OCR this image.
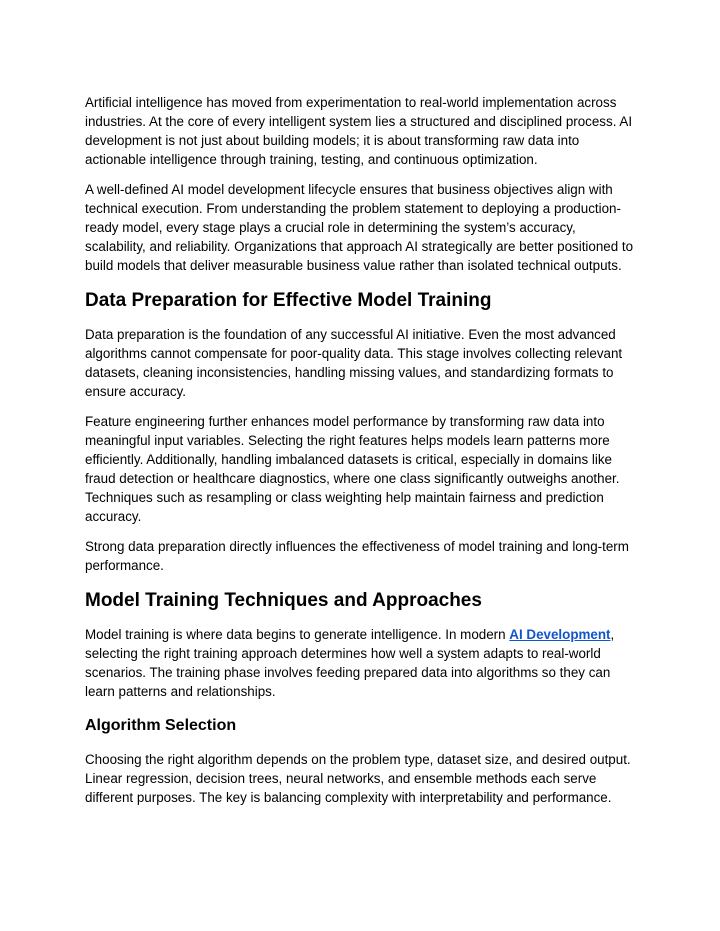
Artificial intelligence has moved from experimentation to real-world implementation across industries. At the core of every intelligent system lies a structured and disciplined process. AI development is not just about building models; it is about transforming raw data into actionable intelligence through training, testing, and continuous optimization.

A well-defined AI model development lifecycle ensures that business objectives align with technical execution. From understanding the problem statement to deploying a production-ready model, every stage plays a crucial role in determining the system’s accuracy, scalability, and reliability. Organizations that approach AI strategically are better positioned to build models that deliver measurable business value rather than isolated technical outputs.

Data Preparation for Effective Model Training

Data preparation is the foundation of any successful AI initiative. Even the most advanced algorithms cannot compensate for poor-quality data. This stage involves collecting relevant datasets, cleaning inconsistencies, handling missing values, and standardizing formats to ensure accuracy.

Feature engineering further enhances model performance by transforming raw data into meaningful input variables. Selecting the right features helps models learn patterns more efficiently. Additionally, handling imbalanced datasets is critical, especially in domains like fraud detection or healthcare diagnostics, where one class significantly outweighs another. Techniques such as resampling or class weighting help maintain fairness and prediction accuracy.

Strong data preparation directly influences the effectiveness of model training and long-term performance.

Model Training Techniques and Approaches

Model training is where data begins to generate intelligence. In modern AI Development, selecting the right training approach determines how well a system adapts to real-world scenarios. The training phase involves feeding prepared data into algorithms so they can learn patterns and relationships.

Algorithm Selection

Choosing the right algorithm depends on the problem type, dataset size, and desired output. Linear regression, decision trees, neural networks, and ensemble methods each serve different purposes. The key is balancing complexity with interpretability and performance.
